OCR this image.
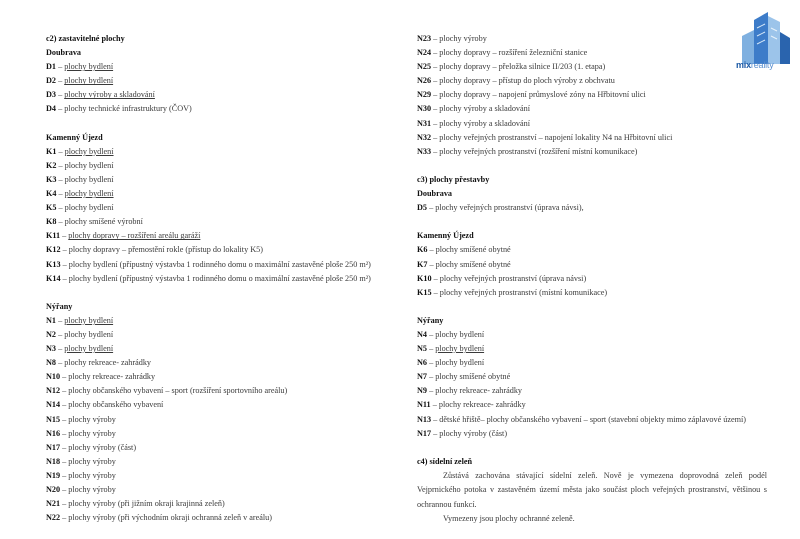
c2) zastavitelné plochy
Doubrava
D1 – plochy bydlení
D2 – plochy bydlení
D3 – plochy výroby a skladování
D4 – plochy technické infrastruktury (ČOV)
Kamenný Újezd
K1 – plochy bydlení
K2 – plochy bydlení
K3 – plochy bydlení
K4 – plochy bydlení
K5 – plochy bydlení
K8 – plochy smíšené výrobní
K11 – plochy dopravy – rozšíření areálu garáží
K12 – plochy dopravy – přemostění roklе (přístup do lokality K5)
K13 – plochy bydlení (přípustný výstavba 1 rodinného domu o maximální zastavěné ploše 250 m²)
K14 – plochy bydlení (přípustný výstavba 1 rodinného domu o maximální zastavěné ploše 250 m²)
Nýřany
N1 – plochy bydlení
N2 – plochy bydlení
N3 – plochy bydlení
N8 – plochy rekreace- zahrádky
N10 – plochy rekreace- zahrádky
N12 – plochy občanského vybavení – sport (rozšíření sportovního areálu)
N14 – plochy občanského vybavení
N15 – plochy výroby
N16 – plochy výroby
N17 – plochy výroby (část)
N18 – plochy výroby
N19 – plochy výroby
N20 – plochy výroby
N21 – plochy výroby (při jižním okraji krajinná zeleň)
N22 – plochy výroby (při východním okraji ochranná zeleň v areálu)
N23 – plochy výroby
N24 – plochy dopravy – rozšíření železniční stanice
N25 – plochy dopravy – přeložka silnice II/203 (1. etapa)
N26 – plochy dopravy – přístup do ploch výroby z obchvatu
N29 – plochy dopravy – napojení průmyslové zóny na Hřbitovní ulici
N30 – plochy výroby a skladování
N31 – plochy výroby a skladování
N32 – plochy veřejných prostranství – napojení lokality N4 na Hřbitovní ulici
N33 – plochy veřejných prostranství (rozšíření místní komunikace)
c3) plochy přestavby
Doubrava
D5 – plochy veřejných prostranství (úprava návsi),
Kamenný Újezd
K6 – plochy smíšené obytné
K7 – plochy smíšené obytné
K10 – plochy veřejných prostranství (úprava návsi)
K15 – plochy veřejných prostranství (místní komunikace)
Nýřany
N4 – plochy bydlení
N5 – plochy bydlení
N6 – plochy bydlení
N7 – plochy smíšené obytné
N9 – plochy rekreace- zahrádky
N11 – plochy rekreace- zahrádky
N13 – dětské hřiště– plochy občanského vybavení – sport (stavební objekty mimo záplavové území)
N17 – plochy výroby (část)
c4) sídelní zeleň
Zůstává zachována stávající sídelní zeleň. Nově je vymezena doprovodná zeleň podél Vejprnického potoka v zastavěném území města jako součást ploch veřejných prostranství, většinou s ochrannou funkcí.
Vymezeny jsou plochy ochranné zeleně.
mixreality
